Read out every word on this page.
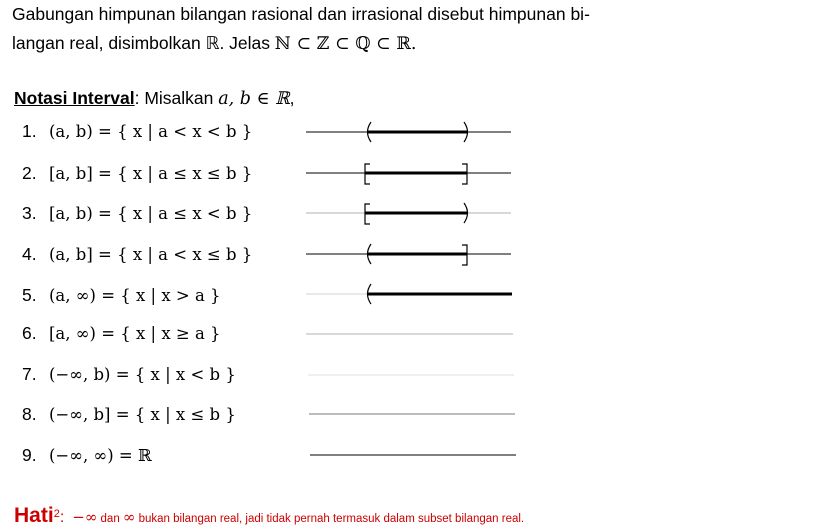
Gabungan himpunan bilangan rasional dan irrasional disebut himpunan bi-
langan real, disimbolkan ℝ. Jelas ℕ ⊂ ℤ ⊂ ℚ ⊂ ℝ.
Notasi Interval: Misalkan a, b ∈ ℝ,
1. (a, b) = { x | a < x < b }
2. [a, b] = { x | a ≤ x ≤ b }
3. [a, b) = { x | a ≤ x < b }
4. (a, b] = { x | a < x ≤ b }
5. (a, ∞) = { x | x > a }
6. [a, ∞) = { x | x ≥ a }
7. (−∞, b) = { x | x < b }
8. (−∞, b] = { x | x ≤ b }
9. (−∞, ∞) = ℝ
Hati2: −∞ dan ∞ bukan bilangan real, jadi tidak pernah termasuk dalam subset bilangan real.
